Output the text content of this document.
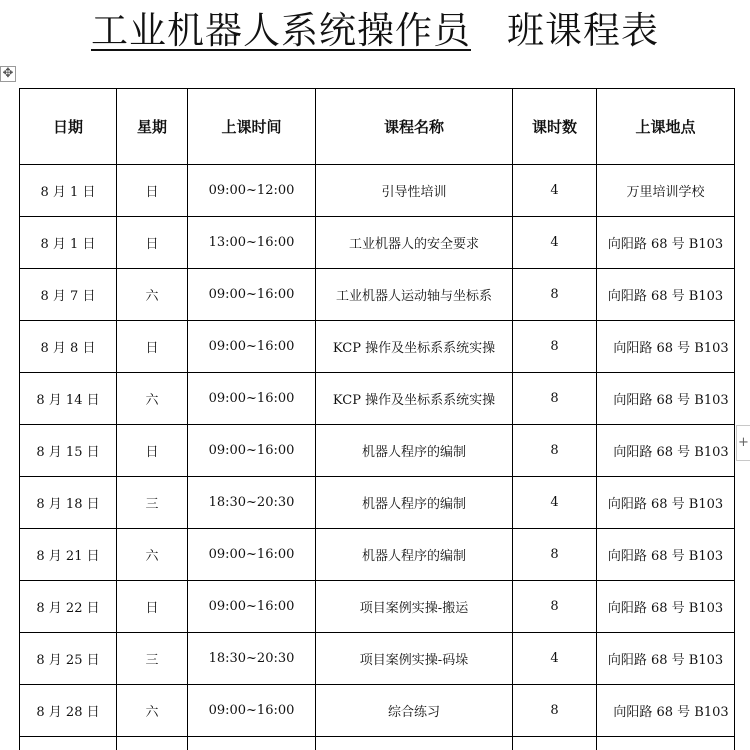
工业机器人系统操作员 班课程表
✥
+
日期	星期	上课时间	课程名称	课时数	上课地点
8 月 1 日	日	09:00~12:00	引导性培训	4	万里培训学校
8 月 1 日	日	13:00~16:00	工业机器人的安全要求	4	向阳路 68 号 B103
8 月 7 日	六	09:00~16:00	工业机器人运动轴与坐标系	8	向阳路 68 号 B103
8 月 8 日	日	09:00~16:00	KCP 操作及坐标系系统实操	8	向阳路 68 号 B103
8 月 14 日	六	09:00~16:00	KCP 操作及坐标系系统实操	8	向阳路 68 号 B103
8 月 15 日	日	09:00~16:00	机器人程序的编制	8	向阳路 68 号 B103
8 月 18 日	三	18:30~20:30	机器人程序的编制	4	向阳路 68 号 B103
8 月 21 日	六	09:00~16:00	机器人程序的编制	8	向阳路 68 号 B103
8 月 22 日	日	09:00~16:00	项目案例实操-搬运	8	向阳路 68 号 B103
8 月 25 日	三	18:30~20:30	项目案例实操-码垛	4	向阳路 68 号 B103
8 月 28 日	六	09:00~16:00	综合练习	8	向阳路 68 号 B103
